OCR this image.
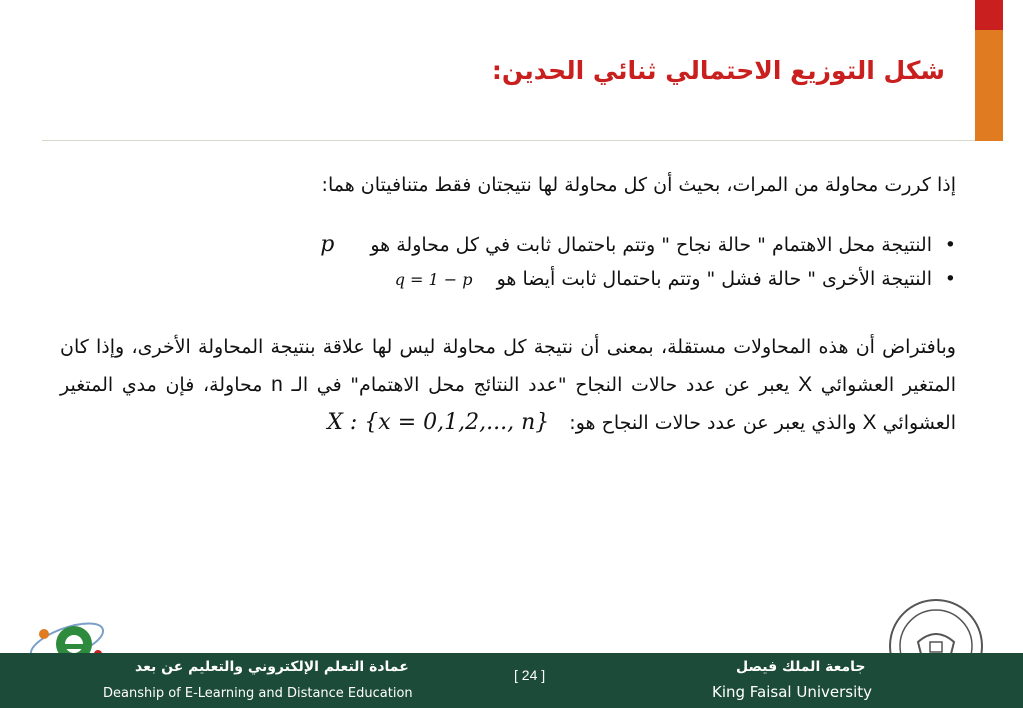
شكل التوزيع الاحتمالي ثنائي الحدين:

إذا كررت محاولة من المرات، بحيث أن كل محاولة لها نتيجتان فقط متنافيتان هما:

•
النتيجة محل الاهتمام " حالة نجاح " وتتم باحتمال ثابت في كل محاولة هو p
•
النتيجة الأخرى " حالة فشل " وتتم باحتمال ثابت أيضا هو q = 1 − p

وبافتراض أن هذه المحاولات مستقلة، بمعنى أن نتيجة كل محاولة ليس لها علاقة بنتيجة المحاولة الأخرى، وإذا كان المتغير العشوائي X يعبر عن عدد حالات النجاح "عدد النتائج محل الاهتمام" في الـ n محاولة، فإن مدي المتغير العشوائي X والذي يعبر عن عدد حالات النجاح هو: X : {x = 0,1,2,..., n}

عمادة التعلم الإلكتروني والتعليم عن بعد
Deanship of E-Learning and Distance Education
[ 24 ]	جامعة الملك فيصل
King Faisal University
